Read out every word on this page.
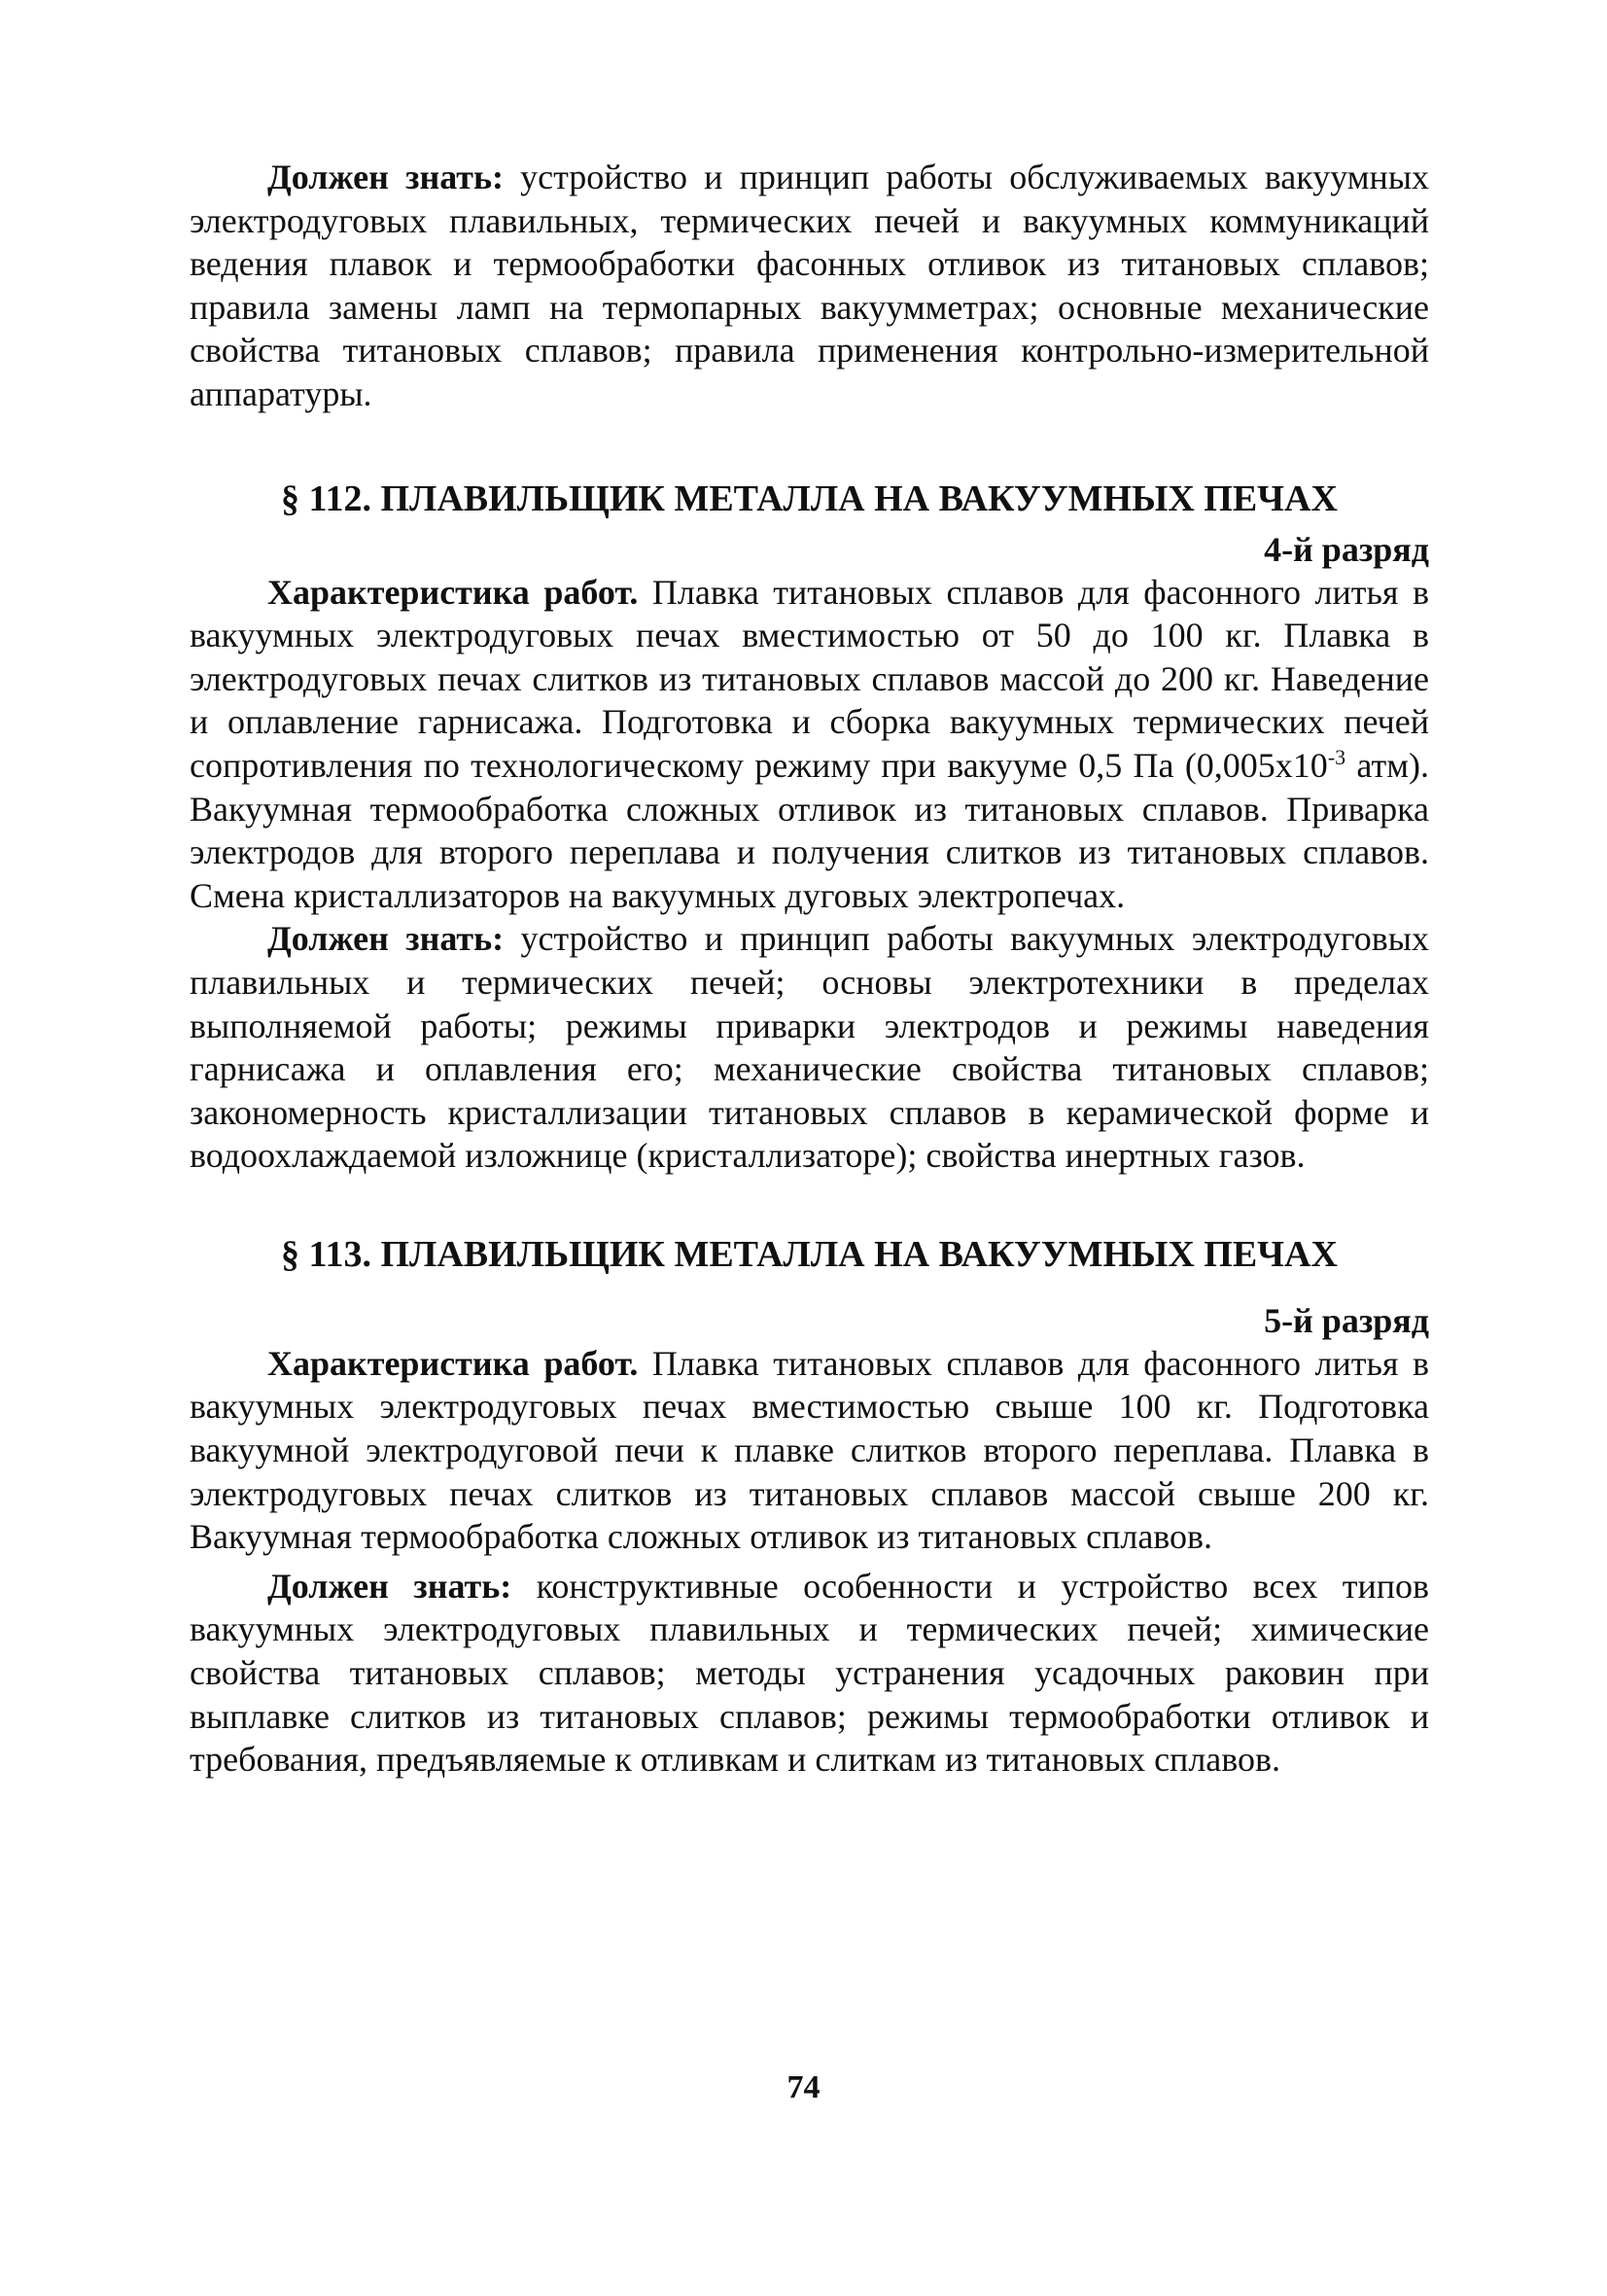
Должен знать: устройство и принцип работы обслуживаемых вакуумных электродуговых плавильных, термических печей и вакуумных коммуникаций ведения плавок и термообработки фасонных отливок из титановых сплавов; правила замены ламп на термопарных вакуумметрах; основные механические свойства титановых сплавов; правила применения контрольно-измерительной аппаратуры.

§ 112. ПЛАВИЛЬЩИК МЕТАЛЛА НА ВАКУУМНЫХ ПЕЧАХ

4-й разряд

Характеристика работ. Плавка титановых сплавов для фасонного литья в вакуумных электродуговых печах вместимостью от 50 до 100 кг. Плавка в электродуговых печах слитков из титановых сплавов массой до 200 кг. Наведение и оплавление гарнисажа. Подготовка и сборка вакуумных термических печей сопротивления по технологическому режиму при вакууме 0,5 Па ($0,005х10^{-3}$ атм). Вакуумная термообработка сложных отливок из титановых сплавов. Приварка электродов для второго переплава и получения слитков из титановых сплавов. Смена кристаллизаторов на вакуумных дуговых электропечах.

Должен знать: устройство и принцип работы вакуумных электродуговых плавильных и термических печей; основы электротехники в пределах выполняемой работы; режимы приварки электродов и режимы наведения гарнисажа и оплавления его; механические свойства титановых сплавов; закономерность кристаллизации титановых сплавов в керамической форме и водоохлаждаемой изложнице (кристаллизаторе); свойства инертных газов.

§ 113. ПЛАВИЛЬЩИК МЕТАЛЛА НА ВАКУУМНЫХ ПЕЧАХ

5-й разряд

Характеристика работ. Плавка титановых сплавов для фасонного литья в вакуумных электродуговых печах вместимостью свыше 100 кг. Подготовка вакуумной электродуговой печи к плавке слитков второго переплава. Плавка в электродуговых печах слитков из титановых сплавов массой свыше 200 кг. Вакуумная термообработка сложных отливок из титановых сплавов.

Должен знать: конструктивные особенности и устройство всех типов вакуумных электродуговых плавильных и термических печей; химические свойства титановых сплавов; методы устранения усадочных раковин при выплавке слитков из титановых сплавов; режимы термообработки отливок и требования, предъявляемые к отливкам и слиткам из титановых сплавов.

74
